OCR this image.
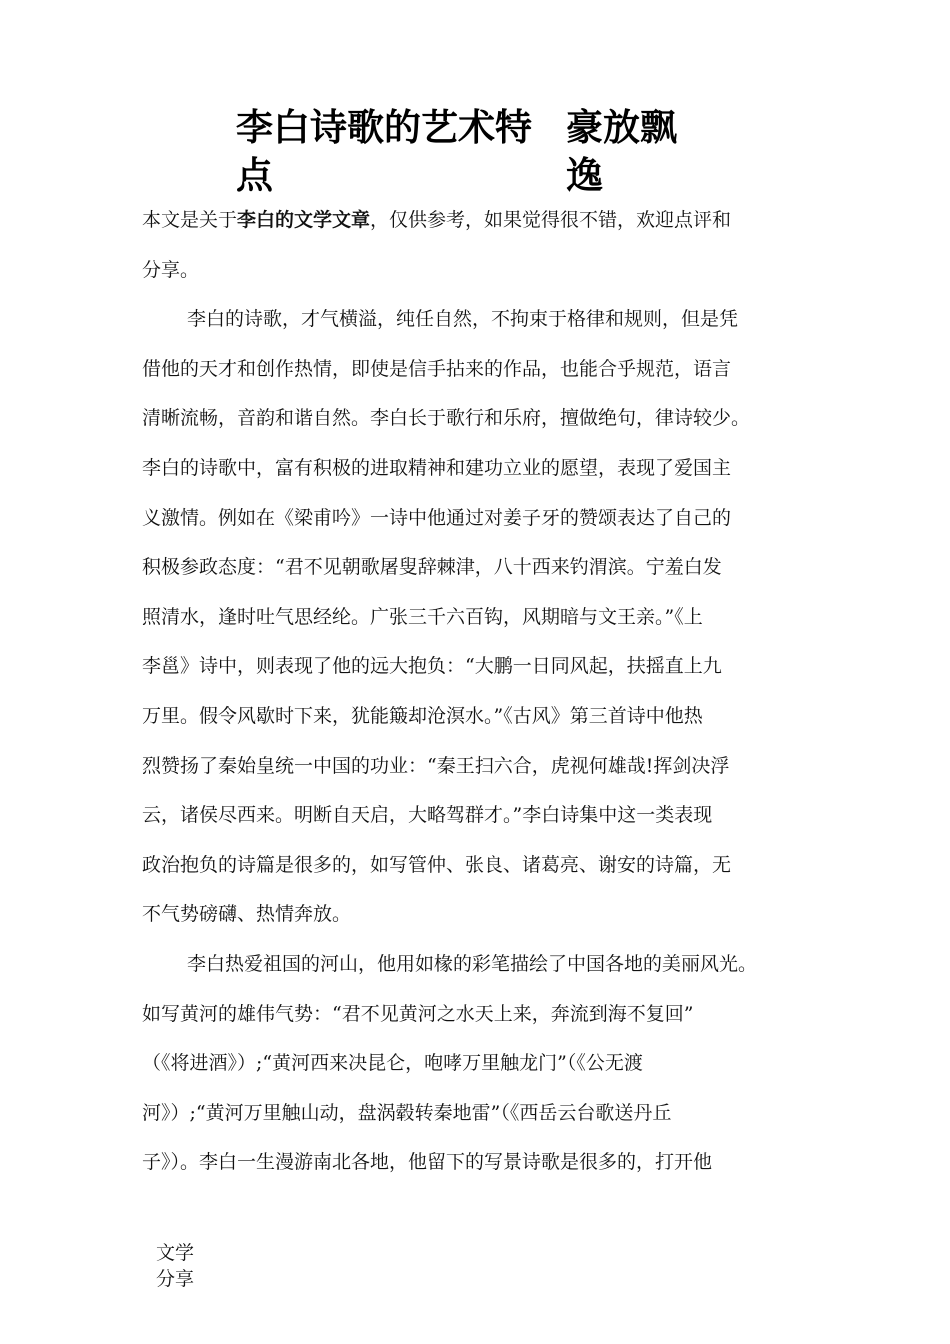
李白诗歌的艺术特
点
豪放飘
逸
本文是关于李白的文学文章，仅供参考，如果觉得很不错，欢迎点评和
分享。
李白的诗歌，才气横溢，纯任自然，不拘束于格律和规则，但是凭
借他的天才和创作热情，即使是信手拈来的作品，也能合乎规范，语言
清晰流畅，音韵和谐自然。李白长于歌行和乐府，擅做绝句，律诗较少。
李白的诗歌中，富有积极的进取精神和建功立业的愿望，表现了爱国主
义激情。例如在《梁甫吟》一诗中他通过对姜子牙的赞颂表达了自己的
积极参政态度：“君不见朝歌屠叟辞棘津，八十西来钓渭滨。宁羞白发
照清水，逢时吐气思经纶。广张三千六百钩，风期暗与文王亲。”《上
李邕》诗中，则表现了他的远大抱负：“大鹏一日同风起，扶摇直上九
万里。假令风歇时下来，犹能簸却沧溟水。”《古风》第三首诗中他热
烈赞扬了秦始皇统一中国的功业：“秦王扫六合，虎视何雄哉!挥剑决浮
云，诸侯尽西来。明断自天启，大略驾群才。”李白诗集中这一类表现
政治抱负的诗篇是很多的，如写管仲、张良、诸葛亮、谢安的诗篇，无
不气势磅礴、热情奔放。
李白热爱祖国的河山，他用如椽的彩笔描绘了中国各地的美丽风光。
如写黄河的雄伟气势：“君不见黄河之水天上来，奔流到海不复回”
（《将进酒》）;“黄河西来决昆仑，咆哮万里触龙门”（《公无渡
河》）;“黄河万里触山动，盘涡毂转秦地雷”（《西岳云台歌送丹丘
子》）。李白一生漫游南北各地，他留下的写景诗歌是很多的，打开他
文学
分享
